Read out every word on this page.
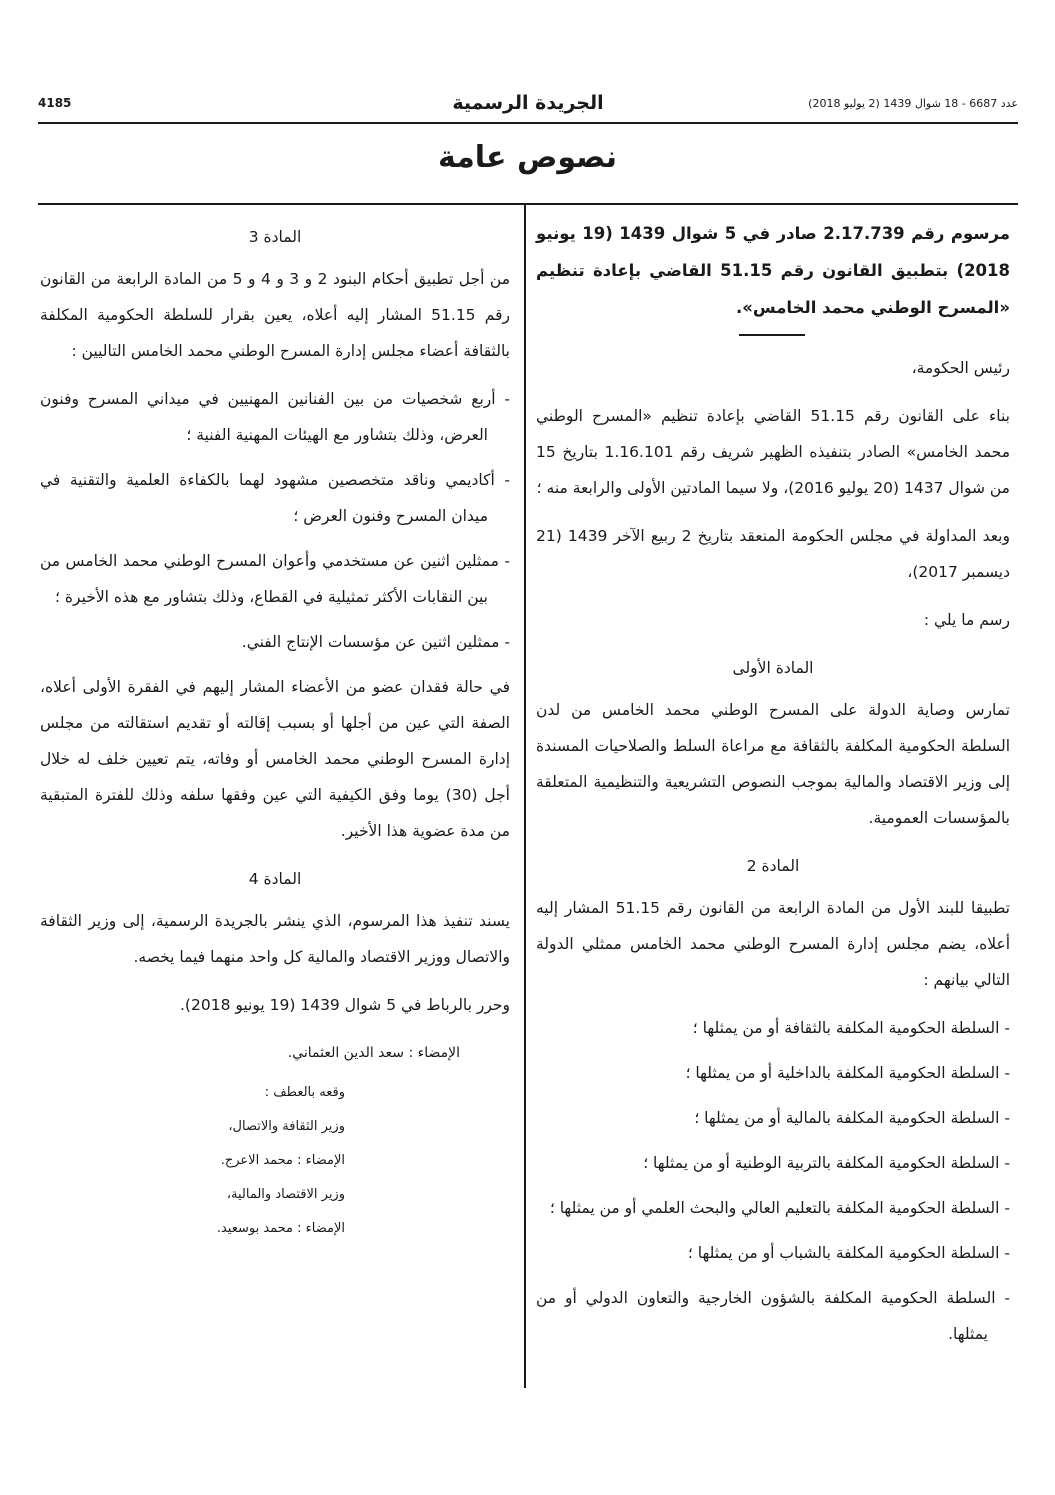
4185	الجريدة الرسمية	عدد 6687 - 18 شوال 1439 (2 يوليو 2018)
نصوص عامة
مرسوم رقم 2.17.739 صادر في 5 شوال 1439 (19 يونيو 2018) بتطبيق القانون رقم 51.15 القاضي بإعادة تنظيم «المسرح الوطني محمد الخامس».

رئيس الحكومة،

بناء على القانون رقم 51.15 القاضي بإعادة تنظيم «المسرح الوطني محمد الخامس» الصادر بتنفيذه الظهير شريف رقم 1.16.101 بتاريخ 15 من شوال 1437 (20 يوليو 2016)، ولا سيما المادتين الأولى والرابعة منه ؛

وبعد المداولة في مجلس الحكومة المنعقد بتاريخ 2 ربيع الآخر 1439 (21 ديسمبر 2017)،

رسم ما يلي :

المادة الأولى

تمارس وصاية الدولة على المسرح الوطني محمد الخامس من لدن السلطة الحكومية المكلفة بالثقافة مع مراعاة السلط والصلاحيات المسندة إلى وزير الاقتصاد والمالية بموجب النصوص التشريعية والتنظيمية المتعلقة بالمؤسسات العمومية.

المادة 2

تطبيقا للبند الأول من المادة الرابعة من القانون رقم 51.15 المشار إليه أعلاه، يضم مجلس إدارة المسرح الوطني محمد الخامس ممثلي الدولة التالي بيانهم :

- السلطة الحكومية المكلفة بالثقافة أو من يمثلها ؛
- السلطة الحكومية المكلفة بالداخلية أو من يمثلها ؛
- السلطة الحكومية المكلفة بالمالية أو من يمثلها ؛
- السلطة الحكومية المكلفة بالتربية الوطنية أو من يمثلها ؛
- السلطة الحكومية المكلفة بالتعليم العالي والبحث العلمي أو من يمثلها ؛
- السلطة الحكومية المكلفة بالشباب أو من يمثلها ؛
- السلطة الحكومية المكلفة بالشؤون الخارجية والتعاون الدولي أو من يمثلها.
المادة 3

من أجل تطبيق أحكام البنود 2 و 3 و 4 و 5 من المادة الرابعة من القانون رقم 51.15 المشار إليه أعلاه، يعين بقرار للسلطة الحكومية المكلفة بالثقافة أعضاء مجلس إدارة المسرح الوطني محمد الخامس التاليين :

- أربع شخصيات من بين الفنانين المهنيين في ميداني المسرح وفنون العرض، وذلك بتشاور مع الهيئات المهنية الفنية ؛
- أكاديمي وناقد متخصصين مشهود لهما بالكفاءة العلمية والتقنية في ميدان المسرح وفنون العرض ؛
- ممثلين اثنين عن مستخدمي وأعوان المسرح الوطني محمد الخامس من بين النقابات الأكثر تمثيلية في القطاع، وذلك بتشاور مع هذه الأخيرة ؛
- ممثلين اثنين عن مؤسسات الإنتاج الفني.

في حالة فقدان عضو من الأعضاء المشار إليهم في الفقرة الأولى أعلاه، الصفة التي عين من أجلها أو بسبب إقالته أو تقديم استقالته من مجلس إدارة المسرح الوطني محمد الخامس أو وفاته، يتم تعيين خلف له خلال أجل (30) يوما وفق الكيفية التي عين وفقها سلفه وذلك للفترة المتبقية من مدة عضوية هذا الأخير.

المادة 4

يسند تنفيذ هذا المرسوم، الذي ينشر بالجريدة الرسمية، إلى وزير الثقافة والاتصال ووزير الاقتصاد والمالية كل واحد منهما فيما يخصه.

وحرر بالرباط في 5 شوال 1439 (19 يونيو 2018).

الإمضاء : سعد الدين العثماني.

وقعه بالعطف :
وزير الثقافة والاتصال،
الإمضاء : محمد الاعرج.
وزير الاقتصاد والمالية،
الإمضاء : محمد بوسعيد.
